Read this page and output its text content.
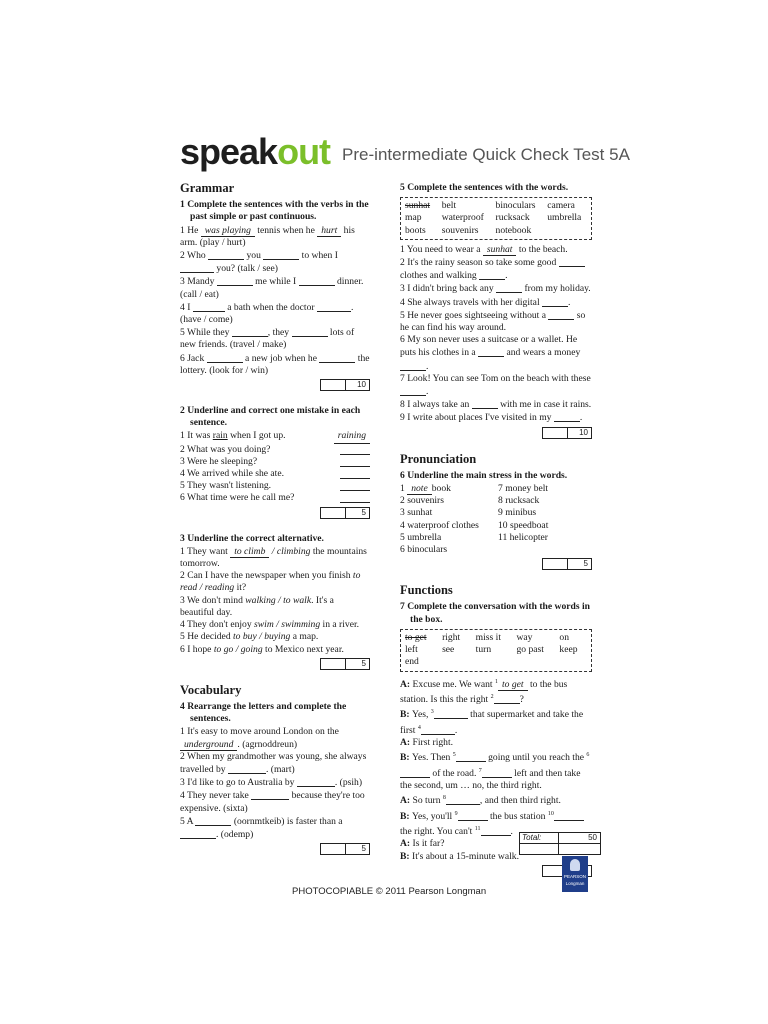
speakout Pre-intermediate Quick Check Test 5A
Grammar
1 Complete the sentences with the verbs in the past simple or past continuous.

1 He was playing tennis when he hurt his arm. (play / hurt)

2 Who	you	to when I  you? (talk / see)

3 Mandy	me while I	dinner. (call / eat)

4 I	a bath when the doctor	. (have / come)

5 While they	, they	lots of new friends. (travel / make)

6 Jack	a new job when he	the lottery. (look for / win)

10
2 Underline and correct one mistake in each sentence.

1 It was rain when I got up.	raining

2 What was you doing?

3 Were he sleeping?

4 We arrived while she ate.

5 They wasn't listening.

6 What time were he call me?

5
3 Underline the correct alternative.

1 They want to climb / climbing the mountains tomorrow.

2 Can I have the newspaper when you finish to read / reading it?

3 We don't mind walking / to walk. It's a beautiful day.

4 They don't enjoy swim / swimming in a river.

5 He decided to buy / buying a map.

6 I hope to go / going to Mexico next year.

5
Vocabulary
4 Rearrange the letters and complete the sentences.

1 It's easy to move around London on the underground . (agrnoddreun)

2 When my grandmother was young, she always travelled by	. (mart)

3 I'd like to go to Australia by	. (psih)

4 They never take	because they're too expensive. (sixta)

5 A	(oornmtkeib) is faster than a . (odemp)

5
5 Complete the sentences with the words.
sunhat	belt	binoculars	camera
map	waterproof	rucksack	umbrella
boots	souvenirs	notebook

1 You need to wear a sunhat to the beach.

2 It's the rainy season so take some good  clothes and walking	.

3 I didn't bring back any	from my holiday.

4 She always travels with her digital	.

5 He never goes sightseeing without a	so he can find his way around.

6 My son never uses a suitcase or a wallet. He puts his clothes in a	and wears a money .

7 Look! You can see Tom on the beach with these .

8 I always take an	with me in case it rains.

9 I write about places I've visited in my	.

10
Pronunciation
6 Underline the main stress in the words.

1 note book

2 souvenirs

3 sunhat

4 waterproof clothes

5 umbrella

6 binoculars

7 money belt

8 rucksack

9 minibus

10 speedboat

11 helicopter

5
Functions
7 Complete the conversation with the words in the box.
to get	right	miss it	way	on
left	see	turn	go past	keep
end

A: Excuse me. We want $^1$ to get to the bus station. Is this the right $^2$	?

B: Yes, $^3$	that supermarket and take the first $^4$	.

A: First right.

B: Yes. Then $^5$	going until you reach the $^6$ of the road. $^7$	left and then take the second, um … no, the third right.

A: So turn $^8$	, and then third right.

B: Yes, you'll $^9$	the bus station $^{10}$ the right. You can't $^{11}$	.

A: Is it far?

B: It's about a 15-minute walk.

Total:	50
PEARSON
Longman
PHOTOCOPIABLE © 2011 Pearson Longman
